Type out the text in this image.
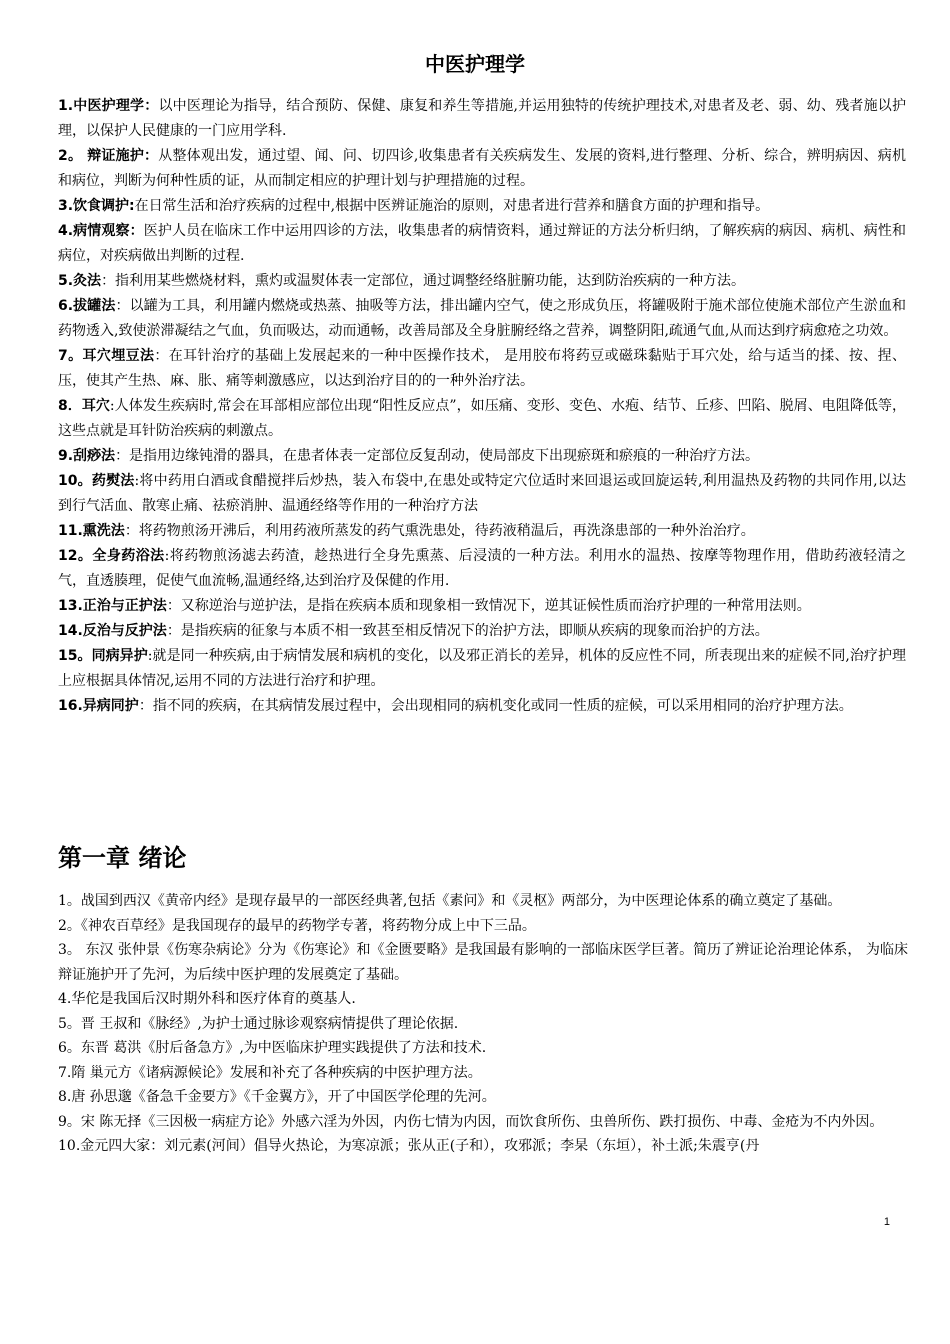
中医护理学

1.中医护理学：以中医理论为指导，结合预防、保健、康复和养生等措施,并运用独特的传统护理技术,对患者及老、弱、幼、残者施以护理，以保护人民健康的一门应用学科.

2。 辩证施护：从整体观出发，通过望、闻、问、切四诊,收集患者有关疾病发生、发展的资料,进行整理、分析、综合，辨明病因、病机和病位，判断为何种性质的证，从而制定相应的护理计划与护理措施的过程。

3.饮食调护:在日常生活和治疗疾病的过程中,根据中医辨证施治的原则，对患者进行营养和膳食方面的护理和指导。

4.病情观察：医护人员在临床工作中运用四诊的方法，收集患者的病情资料，通过辩证的方法分析归纳，了解疾病的病因、病机、病性和病位，对疾病做出判断的过程.

5.灸法：指利用某些燃烧材料，熏灼或温熨体表一定部位，通过调整经络脏腑功能，达到防治疾病的一种方法。

6.拔罐法：以罐为工具，利用罐内燃烧或热蒸、抽吸等方法，排出罐内空气，使之形成负压，将罐吸附于施术部位使施术部位产生淤血和药物透入,致使淤滞凝结之气血，负而吸达，动而通畅，改善局部及全身脏腑经络之营养，调整阴阳,疏通气血,从而达到疗病愈疮之功效。

7。耳穴埋豆法：在耳针治疗的基础上发展起来的一种中医操作技术， 是用胶布将药豆或磁珠黏贴于耳穴处，给与适当的揉、按、捏、压，使其产生热、麻、胀、痛等刺激感应，以达到治疗目的的一种外治疗法。

8．耳穴:人体发生疾病时,常会在耳部相应部位出现“阳性反应点”，如压痛、变形、变色、水疱、结节、丘疹、凹陷、脱屑、电阻降低等，这些点就是耳针防治疾病的刺激点。

9.刮痧法：是指用边缘钝滑的器具，在患者体表一定部位反复刮动，使局部皮下出现瘀斑和瘀痕的一种治疗方法。

10。药熨法:将中药用白酒或食醋搅拌后炒热，装入布袋中,在患处或特定穴位适时来回退运或回旋运转,利用温热及药物的共同作用,以达到行气活血、散寒止痛、祛瘀消肿、温通经络等作用的一种治疗方法

11.熏洗法：将药物煎汤开沸后，利用药液所蒸发的药气熏洗患处，待药液稍温后，再洗涤患部的一种外治治疗。

12。全身药浴法:将药物煎汤滤去药渣，趁热进行全身先熏蒸、后浸渍的一种方法。利用水的温热、按摩等物理作用，借助药液轻清之气，直透腠理，促使气血流畅,温通经络,达到治疗及保健的作用.

13.正治与正护法：又称逆治与逆护法，是指在疾病本质和现象相一致情况下，逆其证候性质而治疗护理的一种常用法则。

14.反治与反护法：是指疾病的征象与本质不相一致甚至相反情况下的治护方法，即顺从疾病的现象而治护的方法。

15。同病异护:就是同一种疾病,由于病情发展和病机的变化，以及邪正消长的差异，机体的反应性不同，所表现出来的症候不同,治疗护理上应根据具体情况,运用不同的方法进行治疗和护理。

16.异病同护：指不同的疾病，在其病情发展过程中，会出现相同的病机变化或同一性质的症候，可以采用相同的治疗护理方法。

第一章 绪论

1。战国到西汉《黄帝内经》是现存最早的一部医经典著,包括《素问》和《灵枢》两部分，为中医理论体系的确立奠定了基础。

2。《神农百草经》是我国现存的最早的药物学专著，将药物分成上中下三品。

3。 东汉 张仲景《伤寒杂病论》分为《伤寒论》和《金匮要略》是我国最有影响的一部临床医学巨著。简历了辨证论治理论体系， 为临床辩证施护开了先河，为后续中医护理的发展奠定了基础。

4.华佗是我国后汉时期外科和医疗体育的奠基人.

5。晋 王叔和《脉经》,为护士通过脉诊观察病情提供了理论依据.

6。东晋 葛洪《肘后备急方》,为中医临床护理实践提供了方法和技术.

7.隋 巢元方《诸病源候论》发展和补充了各种疾病的中医护理方法。

8.唐 孙思邈《备急千金要方》《千金翼方》，开了中国医学伦理的先河。

9。宋 陈无择《三因极一病症方论》外感六淫为外因，内伤七情为内因，而饮食所伤、虫兽所伤、跌打损伤、中毒、金疮为不内外因。

10.金元四大家：刘元素(河间）倡导火热论，为寒凉派；张从正(子和），攻邪派；李杲（东垣），补土派;朱震亨(丹

1
